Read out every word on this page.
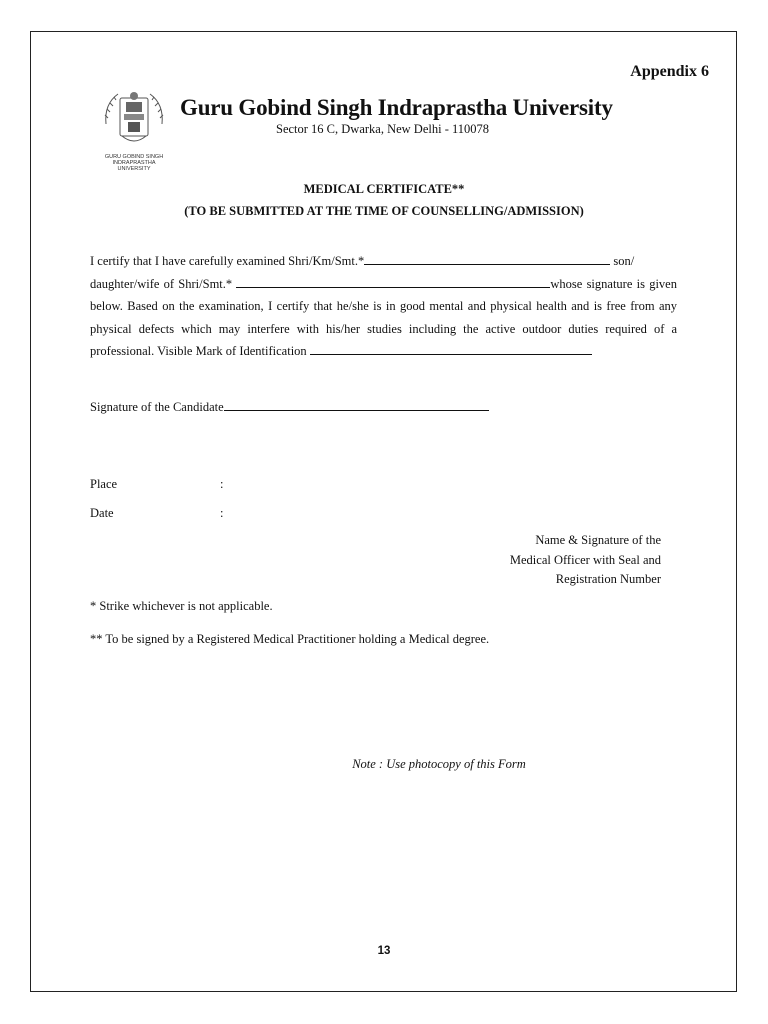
Appendix 6
GURU GOBIND SINGH INDRAPRASTHA UNIVERSITY
Guru Gobind Singh Indraprastha University
Sector 16 C, Dwarka, New Delhi - 110078
MEDICAL CERTIFICATE**
(TO BE SUBMITTED AT THE TIME OF COUNSELLING/ADMISSION)
I certify that I have carefully examined Shri/Km/Smt.*	son/
daughter/wife of Shri/Smt.*	whose signature is given below. Based on the examination, I certify that he/she is in good mental and physical health and is free from any physical defects which may interfere with his/her studies including the active outdoor duties required of a professional. Visible Mark of Identification
Signature of the Candidate
Place	:
Date	:
Name & Signature of the
Medical Officer with Seal and
Registration Number
* Strike whichever is not applicable.
** To be signed by a Registered Medical Practitioner holding a Medical degree.
Note : Use photocopy of this Form
13
